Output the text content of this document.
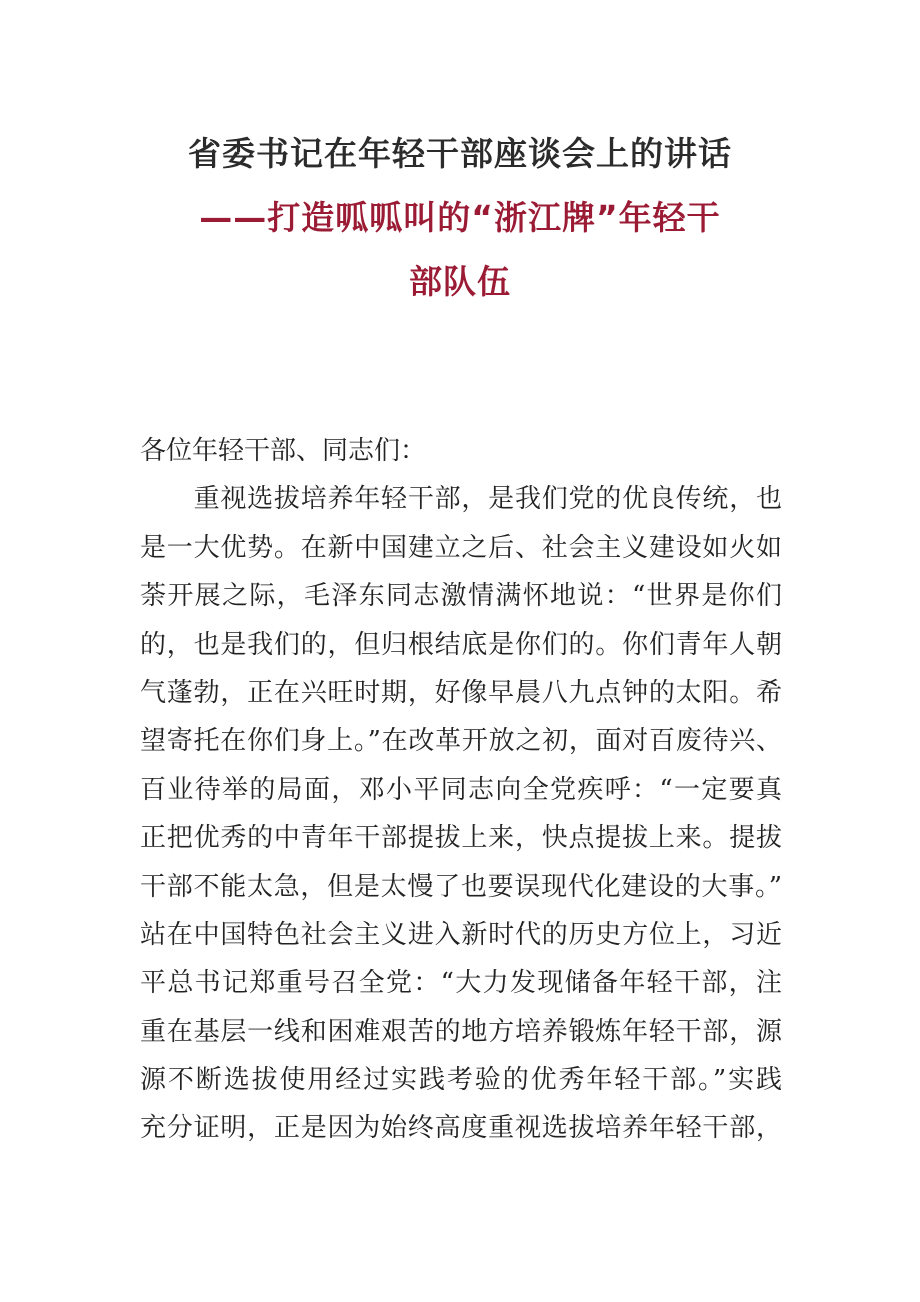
省委书记在年轻干部座谈会上的讲话
——打造呱呱叫的“浙江牌”年轻干
部队伍
各位年轻干部、同志们：
　　重视选拔培养年轻干部，是我们党的优良传统，也
是一大优势。在新中国建立之后、社会主义建设如火如
荼开展之际，毛泽东同志激情满怀地说：“世界是你们
的，也是我们的，但归根结底是你们的。你们青年人朝
气蓬勃，正在兴旺时期，好像早晨八九点钟的太阳。希
望寄托在你们身上。”在改革开放之初，面对百废待兴、
百业待举的局面，邓小平同志向全党疾呼：“一定要真
正把优秀的中青年干部提拔上来，快点提拔上来。提拔
干部不能太急，但是太慢了也要误现代化建设的大事。”
站在中国特色社会主义进入新时代的历史方位上，习近
平总书记郑重号召全党：“大力发现储备年轻干部，注
重在基层一线和困难艰苦的地方培养锻炼年轻干部，源
源不断选拔使用经过实践考验的优秀年轻干部。”实践
充分证明，正是因为始终高度重视选拔培养年轻干部，
